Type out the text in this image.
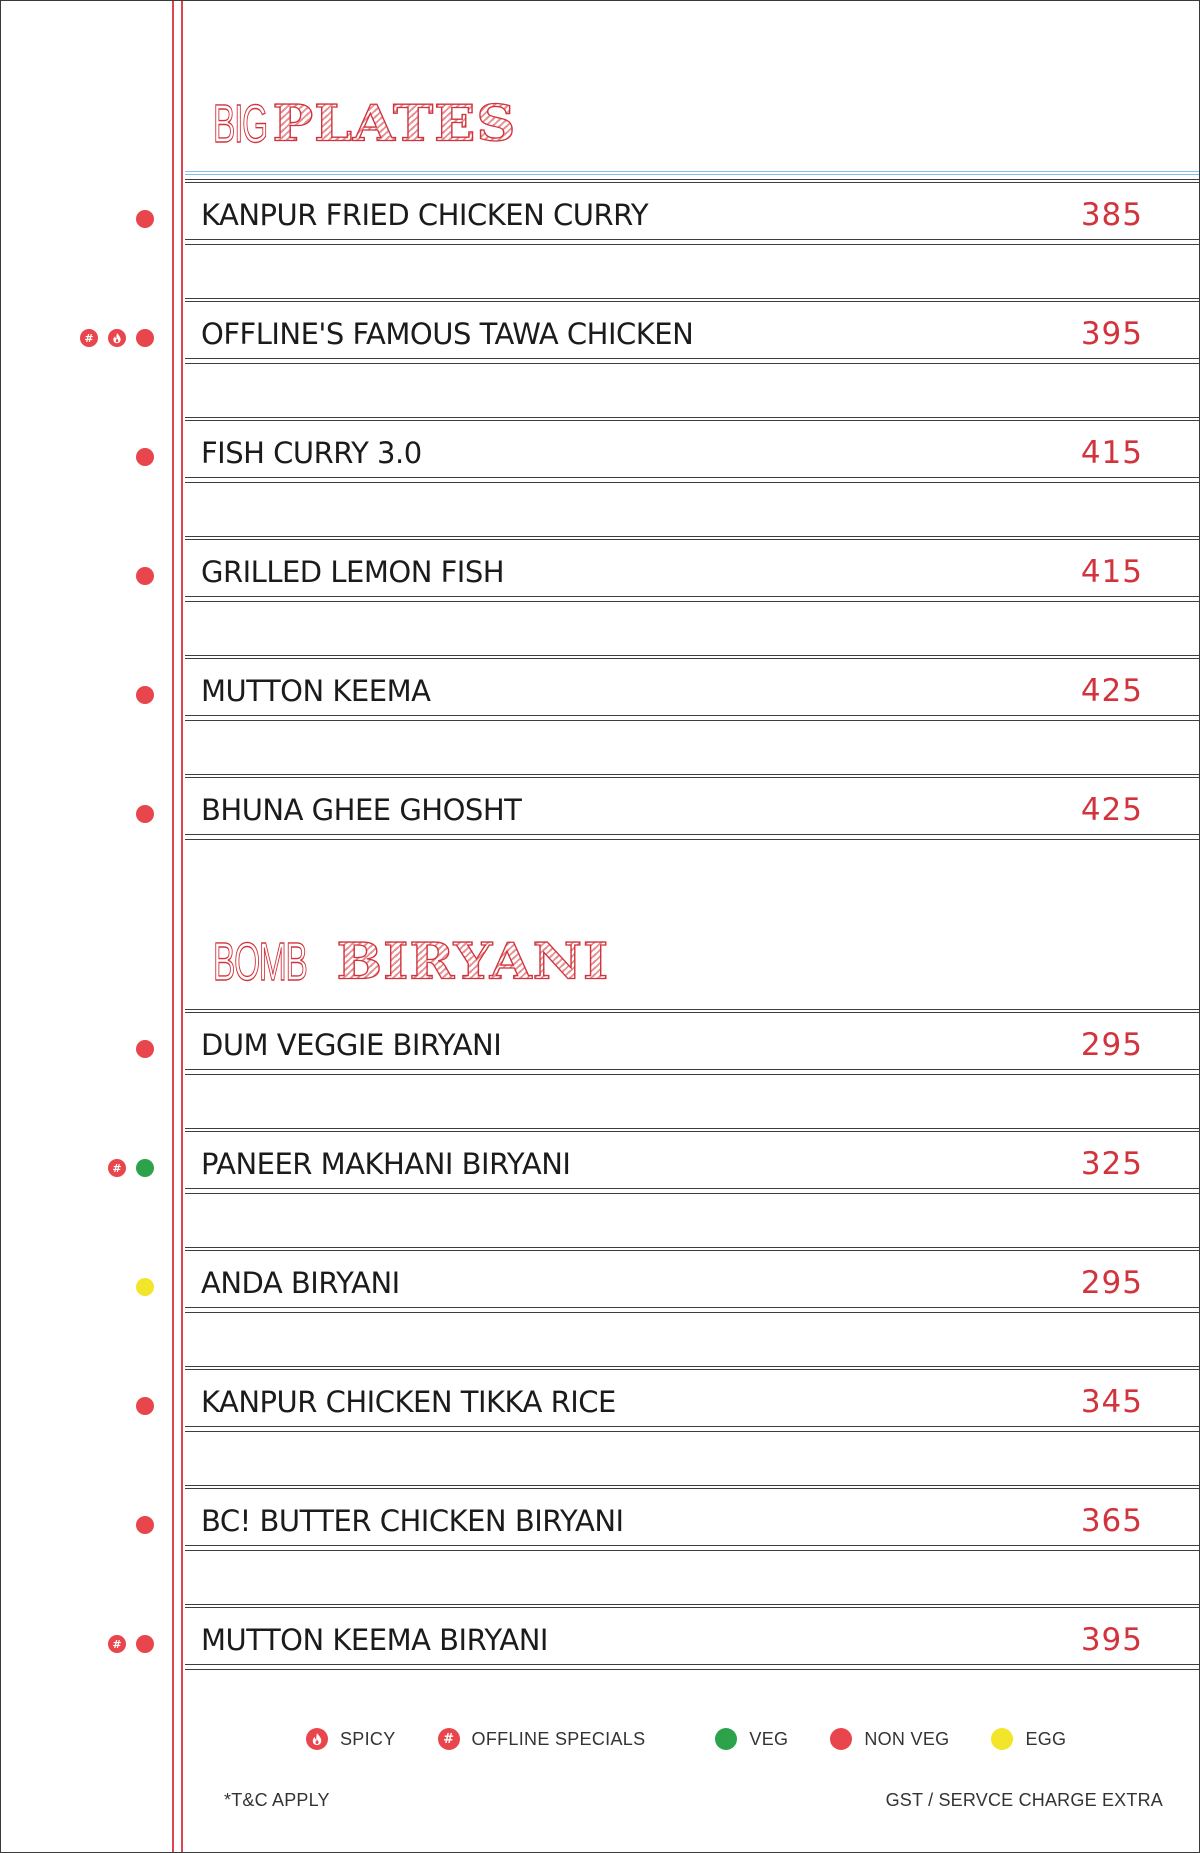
BIG PLATES
KANPUR FRIED CHICKEN CURRY	385
OFFLINE'S FAMOUS TAWA CHICKEN	395
FISH CURRY 3.0	415
GRILLED LEMON FISH	415
MUTTON KEEMA	425
BHUNA GHEE GHOSHT	425
BOMB BIRYANI
DUM VEGGIE BIRYANI	295
PANEER MAKHANI BIRYANI	325
ANDA BIRYANI	295
KANPUR CHICKEN TIKKA RICE	345
BC! BUTTER CHICKEN BIRYANI	365
MUTTON KEEMA BIRYANI	395
SPICY	# OFFLINE SPECIALS	VEG	NON VEG	EGG
*T&C APPLY	GST / SERVCE CHARGE EXTRA
#
#
#
